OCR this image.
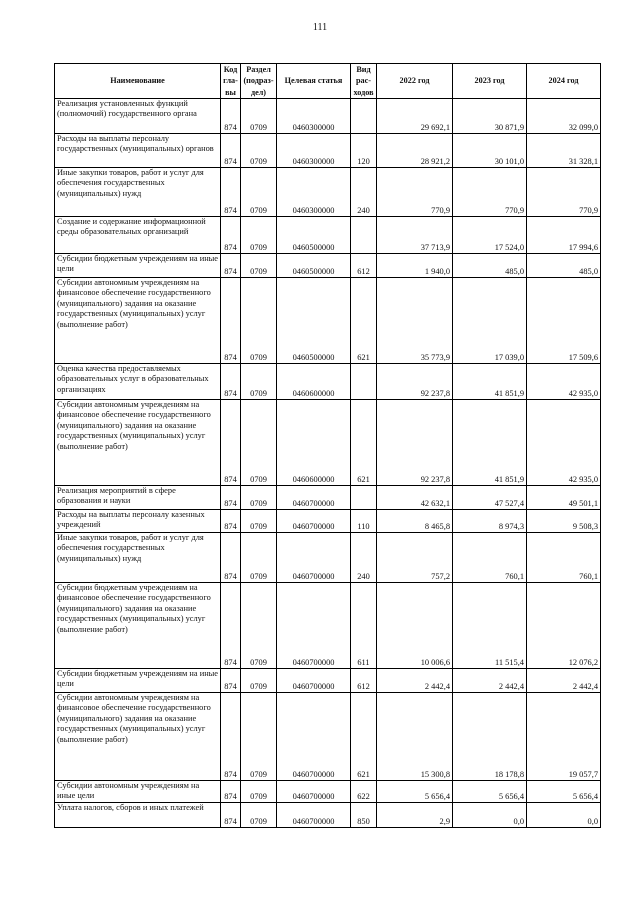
111
Наименование	Код гла- вы	Раздел (подраз- дел)	Целевая статья	Вид рас- ходов	2022 год	2023 год	2024 год
Реализация установленных функций (полномочий) государственного органа	874	0709	0460300000		29 692,1	30 871,9	32 099,0
Расходы на выплаты персоналу государственных (муниципальных) органов	874	0709	0460300000	120	28 921,2	30 101,0	31 328,1
Иные закупки товаров, работ и услуг для обеспечения государственных (муниципальных) нужд	874	0709	0460300000	240	770,9	770,9	770,9
Создание и содержание информационной среды образовательных организаций	874	0709	0460500000		37 713,9	17 524,0	17 994,6
Субсидии бюджетным учреждениям на иные цели	874	0709	0460500000	612	1 940,0	485,0	485,0
Субсидии автономным учреждениям на финансовое обеспечение государственного (муниципального) задания на оказание государственных (муниципальных) услуг (выполнение работ)	874	0709	0460500000	621	35 773,9	17 039,0	17 509,6
Оценка качества предоставляемых образовательных услуг в образовательных организациях	874	0709	0460600000		92 237,8	41 851,9	42 935,0
Субсидии автономным учреждениям на финансовое обеспечение государственного (муниципального) задания на оказание государственных (муниципальных) услуг (выполнение работ)	874	0709	0460600000	621	92 237,8	41 851,9	42 935,0
Реализация мероприятий в сфере образования и науки	874	0709	0460700000		42 632,1	47 527,4	49 501,1
Расходы на выплаты персоналу казенных учреждений	874	0709	0460700000	110	8 465,8	8 974,3	9 508,3
Иные закупки товаров, работ и услуг для обеспечения государственных (муниципальных) нужд	874	0709	0460700000	240	757,2	760,1	760,1
Субсидии бюджетным учреждениям на финансовое обеспечение государственного (муниципального) задания на оказание государственных (муниципальных) услуг (выполнение работ)	874	0709	0460700000	611	10 006,6	11 515,4	12 076,2
Субсидии бюджетным учреждениям на иные цели	874	0709	0460700000	612	2 442,4	2 442,4	2 442,4
Субсидии автономным учреждениям на финансовое обеспечение государственного (муниципального) задания на оказание государственных (муниципальных) услуг (выполнение работ)	874	0709	0460700000	621	15 300,8	18 178,8	19 057,7
Субсидии автономным учреждениям на иные цели	874	0709	0460700000	622	5 656,4	5 656,4	5 656,4
Уплата налогов, сборов и иных платежей	874	0709	0460700000	850	2,9	0,0	0,0
